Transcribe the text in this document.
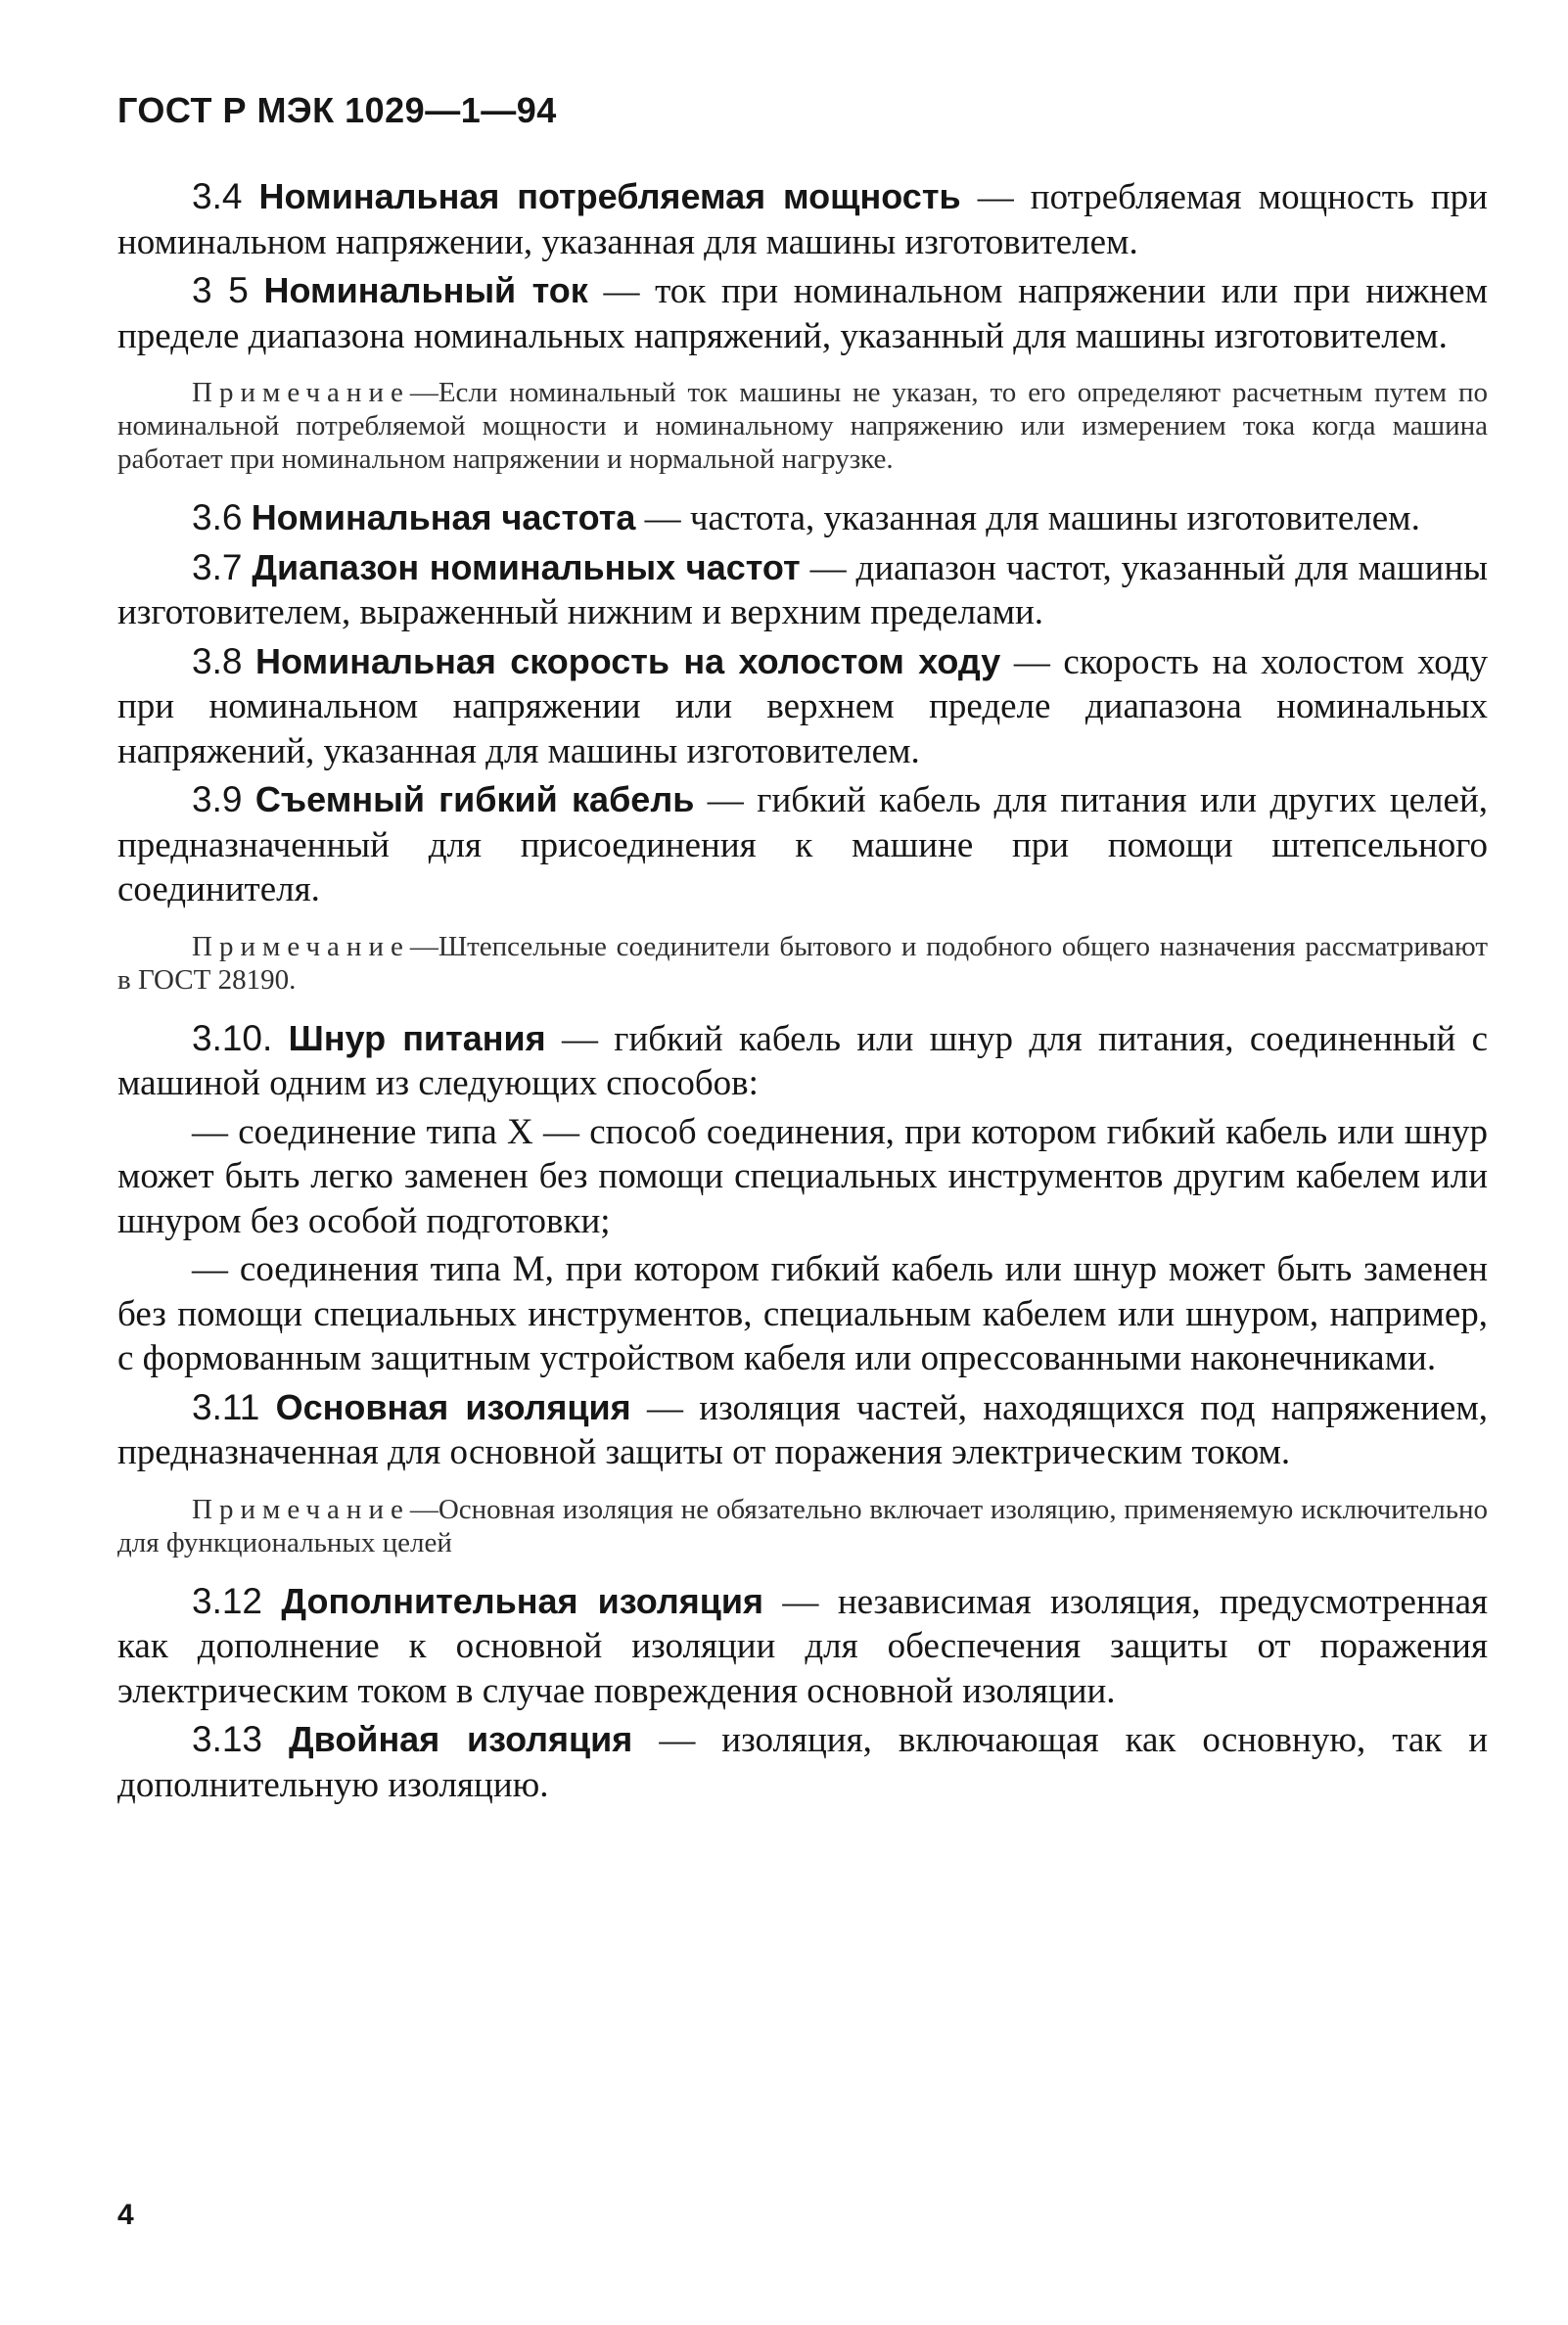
ГОСТ Р МЭК 1029—1—94

3.4 Номинальная потребляемая мощность — потребляемая мощность при номинальном напряжении, указанная для машины изготовителем.

3 5 Номинальный ток — ток при номинальном напряжении или при нижнем пределе диапазона номинальных напряжений, указанный для машины изготовителем.

Примечание—Если номинальный ток машины не указан, то его определяют расчетным путем по номинальной потребляемой мощности и номинальному напряжению или измерением тока когда машина работает при номинальном напряжении и нормальной нагрузке.

3.6 Номинальная частота — частота, указанная для машины изготовителем.

3.7 Диапазон номинальных частот — диапазон частот, указанный для машины изготовителем, выраженный нижним и верхним пределами.

3.8 Номинальная скорость на холостом ходу — скорость на холостом ходу при номинальном напряжении или верхнем пределе диапазона номинальных напряжений, указанная для машины изготовителем.

3.9 Съемный гибкий кабель — гибкий кабель для питания или других целей, предназначенный для присоединения к машине при помощи штепсельного соединителя.

Примечание—Штепсельные соединители бытового и подобного общего назначения рассматривают в ГОСТ 28190.

3.10. Шнур питания — гибкий кабель или шнур для питания, соединенный с машиной одним из следующих способов:

— соединение типа X — способ соединения, при котором гибкий кабель или шнур может быть легко заменен без помощи специальных инструментов другим кабелем или шнуром без особой подготовки;

— соединения типа М, при котором гибкий кабель или шнур может быть заменен без помощи специальных инструментов, специальным кабелем или шнуром, например, с формованным защитным устройством кабеля или опрессованными наконечниками.

3.11 Основная изоляция — изоляция частей, находящихся под напряжением, предназначенная для основной защиты от поражения электрическим током.

Примечание—Основная изоляция не обязательно включает изоляцию, применяемую исключительно для функциональных целей

3.12 Дополнительная изоляция — независимая изоляция, предусмотренная как дополнение к основной изоляции для обеспечения защиты от поражения электрическим током в случае повреждения основной изоляции.

3.13 Двойная изоляция — изоляция, включающая как основную, так и дополнительную изоляцию.

4
